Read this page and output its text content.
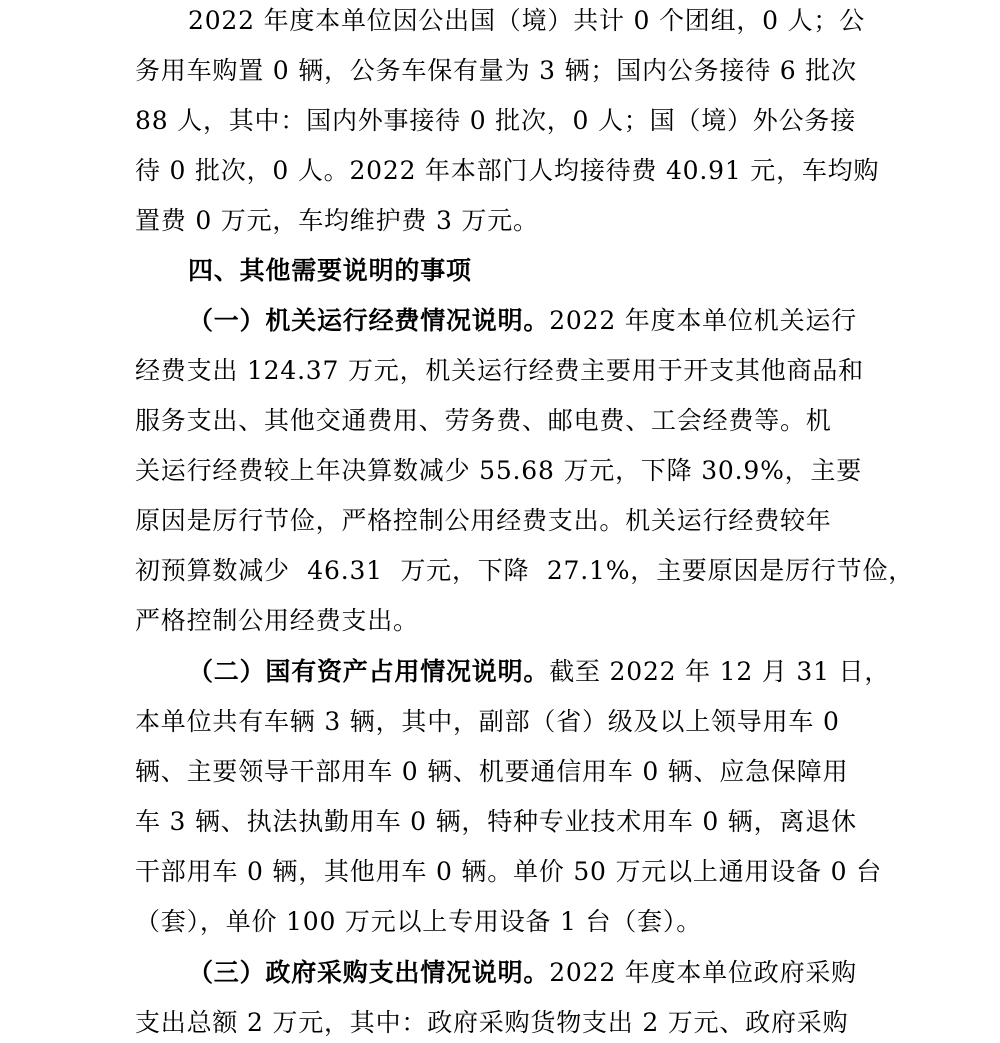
2022 年度本单位因公出国（境）共计 0 个团组，0 人；公
务用车购置 0 辆，公务车保有量为 3 辆；国内公务接待 6 批次
88 人，其中：国内外事接待 0 批次，0 人；国（境）外公务接
待 0 批次，0 人。2022 年本部门人均接待费 40.91 元，车均购
置费 0 万元，车均维护费 3 万元。
四、其他需要说明的事项
（一）机关运行经费情况说明。2022 年度本单位机关运行
经费支出 124.37 万元，机关运行经费主要用于开支其他商品和
服务支出、其他交通费用、劳务费、邮电费、工会经费等。机
关运行经费较上年决算数减少 55.68 万元，下降 30.9%，主要
原因是厉行节俭，严格控制公用经费支出。机关运行经费较年
初预算数减少  46.31  万元，下降  27.1%，主要原因是厉行节俭，
严格控制公用经费支出。
（二）国有资产占用情况说明。截至 2022 年 12 月 31 日，
本单位共有车辆 3 辆，其中，副部（省）级及以上领导用车 0
辆、主要领导干部用车 0 辆、机要通信用车 0 辆、应急保障用
车 3 辆、执法执勤用车 0 辆，特种专业技术用车 0 辆，离退休
干部用车 0 辆，其他用车 0 辆。单价 50 万元以上通用设备 0 台
（套），单价 100 万元以上专用设备 1 台（套）。
（三）政府采购支出情况说明。2022 年度本单位政府采购
支出总额 2 万元，其中：政府采购货物支出 2 万元、政府采购
